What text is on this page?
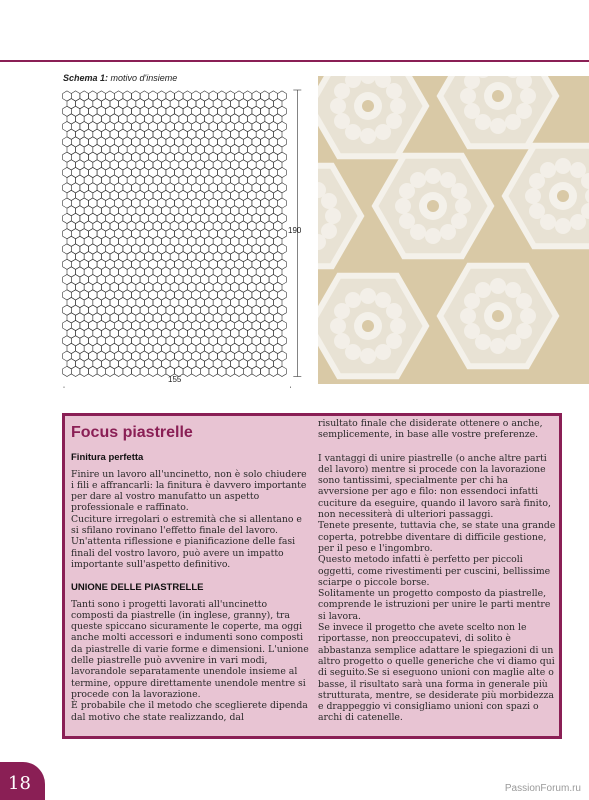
Schema 1: motivo d'insieme
155
190
Focus piastrelle
Finitura perfetta

Finire un lavoro all'uncinetto, non è solo chiudere i fili e affrancarli: la finitura è davvero importante per dare al vostro manufatto un aspetto professionale e raffinato.

Cuciture irregolari o estremità che si allentano e si sfilano rovinano l'effetto finale del lavoro. Un'attenta riflessione e pianificazione delle fasi finali del vostro lavoro, può avere un impatto importante sull'aspetto definitivo.

UNIONE DELLE PIASTRELLE

Tanti sono i progetti lavorati all'uncinetto composti da piastrelle (in inglese, granny), tra queste spiccano sicuramente le coperte, ma oggi anche molti accessori e indumenti sono composti da piastrelle di varie forme e dimensioni. L'unione delle piastrelle può avvenire in vari modi, lavorandole separatamente unendole insieme al termine, oppure direttamente unendole mentre si procede con la lavorazione.

È probabile che il metodo che sceglierete dipenda dal motivo che state realizzando, dal

risultato finale che disiderate ottenere o anche, semplicemente, in base alle vostre preferenze.

I vantaggi di unire piastrelle (o anche altre parti del lavoro) mentre si procede con la lavorazione sono tantissimi, specialmente per chi ha avversione per ago e filo: non essendoci infatti cuciture da eseguire, quando il lavoro sarà finito, non necessiterà di ulteriori passaggi.

Tenete presente, tuttavia che, se state una grande coperta, potrebbe diventare di difficile gestione, per il peso e l'ingombro.

Questo metodo infatti è perfetto per piccoli oggetti, come rivestimenti per cuscini, bellissime sciarpe o piccole borse.

Solitamente un progetto composto da piastrelle, comprende le istruzioni per unire le parti mentre si lavora.

Se invece il progetto che avete scelto non le riportasse, non preoccupatevi, di solito è abbastanza semplice adattare le spiegazioni di un altro progetto o quelle generiche che vi diamo qui di seguito.Se si eseguono unioni con maglie alte o basse, il risultato sarà una forma in generale più strutturata, mentre, se desiderate più morbidezza e drappeggio vi consigliamo unioni con spazi o archi di catenelle.

18	PassionForum.ru
